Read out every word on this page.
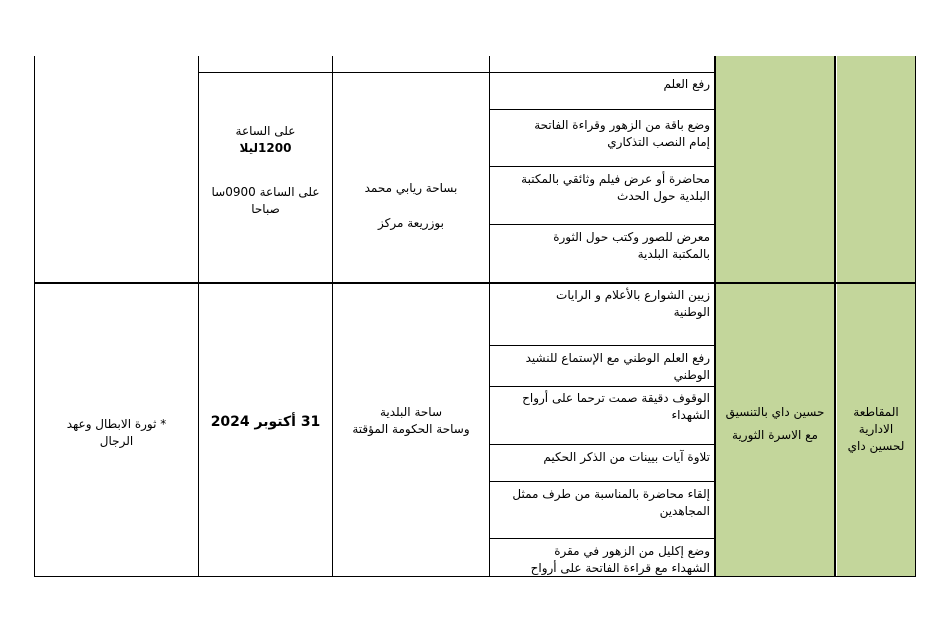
رفع العلم
وضع باقة من الزهور وقراءة الفاتحة
إمام النصب التذكاري
محاضرة أو عرض فيلم وثائقي بالمكتبة
البلدية حول الحدث
معرض للصور وكتب حول الثورة
بالمكتبة البلدية
بساحة ريابي محمد
بوزريعة مركز
على الساعة
1200ليلا
على الساعة 0900سا
صباحا
المقاطعة
الادارية
لحسين داي
حسين داي بالتنسيق
مع الاسرة الثورية
زيين الشوارع بالأعلام و الرايات
الوطنية
رفع العلم الوطني مع الإستماع للنشيد
الوطني
الوقوف دقيقة صمت ترحما على أرواح
الشهداء
تلاوة آيات بيينات من الذكر الحكيم
إلقاء محاضرة بالمناسبة من طرف ممثل
المجاهدين
وضع إكليل من الزهور في مقرة
الشهداء مع قراءة الفاتحة على أرواح
ساحة البلدية
وساحة الحكومة المؤقتة
31 أكتوبر 2024
* ثورة الابطال وعهد
الرجال
